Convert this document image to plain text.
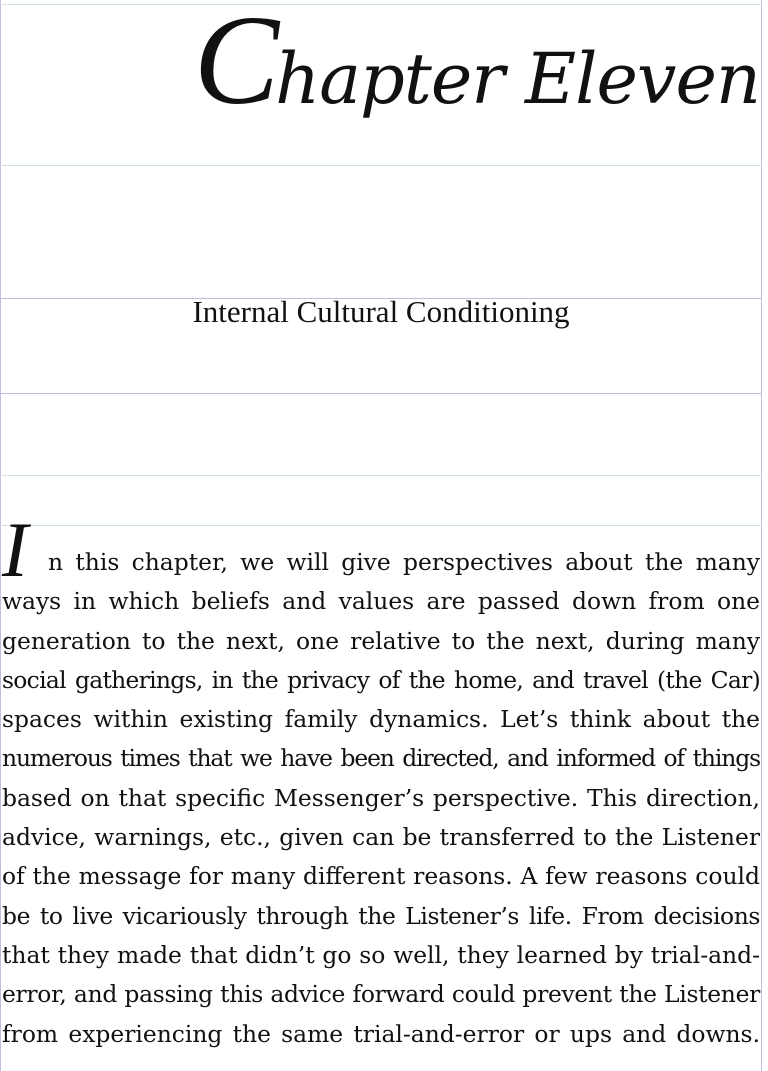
Chapter Eleven
Internal Cultural Conditioning
I n this chapter, we will give perspectives about the many
ways in which beliefs and values are passed down from one
generation to the next, one relative to the next, during many
social gatherings, in the privacy of the home, and travel (the Car)
spaces within existing family dynamics. Let’s think about the
numerous times that we have been directed, and informed of things
based on that specific Messenger’s perspective. This direction,
advice, warnings, etc., given can be transferred to the Listener
of the message for many different reasons. A few reasons could
be to live vicariously through the Listener’s life. From decisions
that they made that didn’t go so well, they learned by trial-and-
error, and passing this advice forward could prevent the Listener
from experiencing the same trial-and-error or ups and downs.
